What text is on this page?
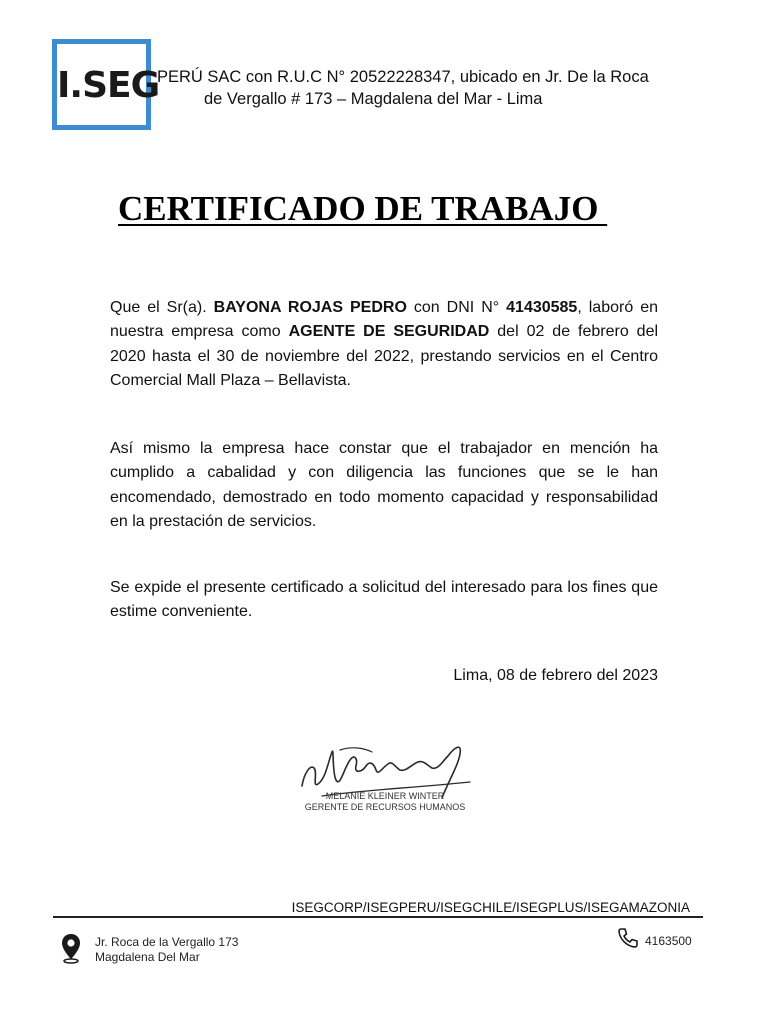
I.SEG
PERÚ SAC con R.U.C N° 20522228347, ubicado en Jr. De la Roca
de Vergallo # 173 – Magdalena del Mar - Lima
CERTIFICADO DE TRABAJO
Que el Sr(a). BAYONA ROJAS PEDRO con DNI N° 41430585, laboró en nuestra empresa como AGENTE DE SEGURIDAD del 02 de febrero del 2020 hasta el 30 de noviembre del 2022, prestando servicios en el Centro Comercial Mall Plaza – Bellavista.
Así mismo la empresa hace constar que el trabajador en mención ha cumplido a cabalidad y con diligencia las funciones que se le han encomendado, demostrado en todo momento capacidad y responsabilidad en la prestación de servicios.
Se expide el presente certificado a solicitud del interesado para los fines que estime conveniente.
Lima, 08 de febrero del 2023
MELANIE KLEINER WINTER
GERENTE DE RECURSOS HUMANOS
ISEGCORP/ISEGPERU/ISEGCHILE/ISEGPLUS/ISEGAMAZONIA
Jr. Roca de la Vergallo 173
Magdalena Del Mar
4163500
